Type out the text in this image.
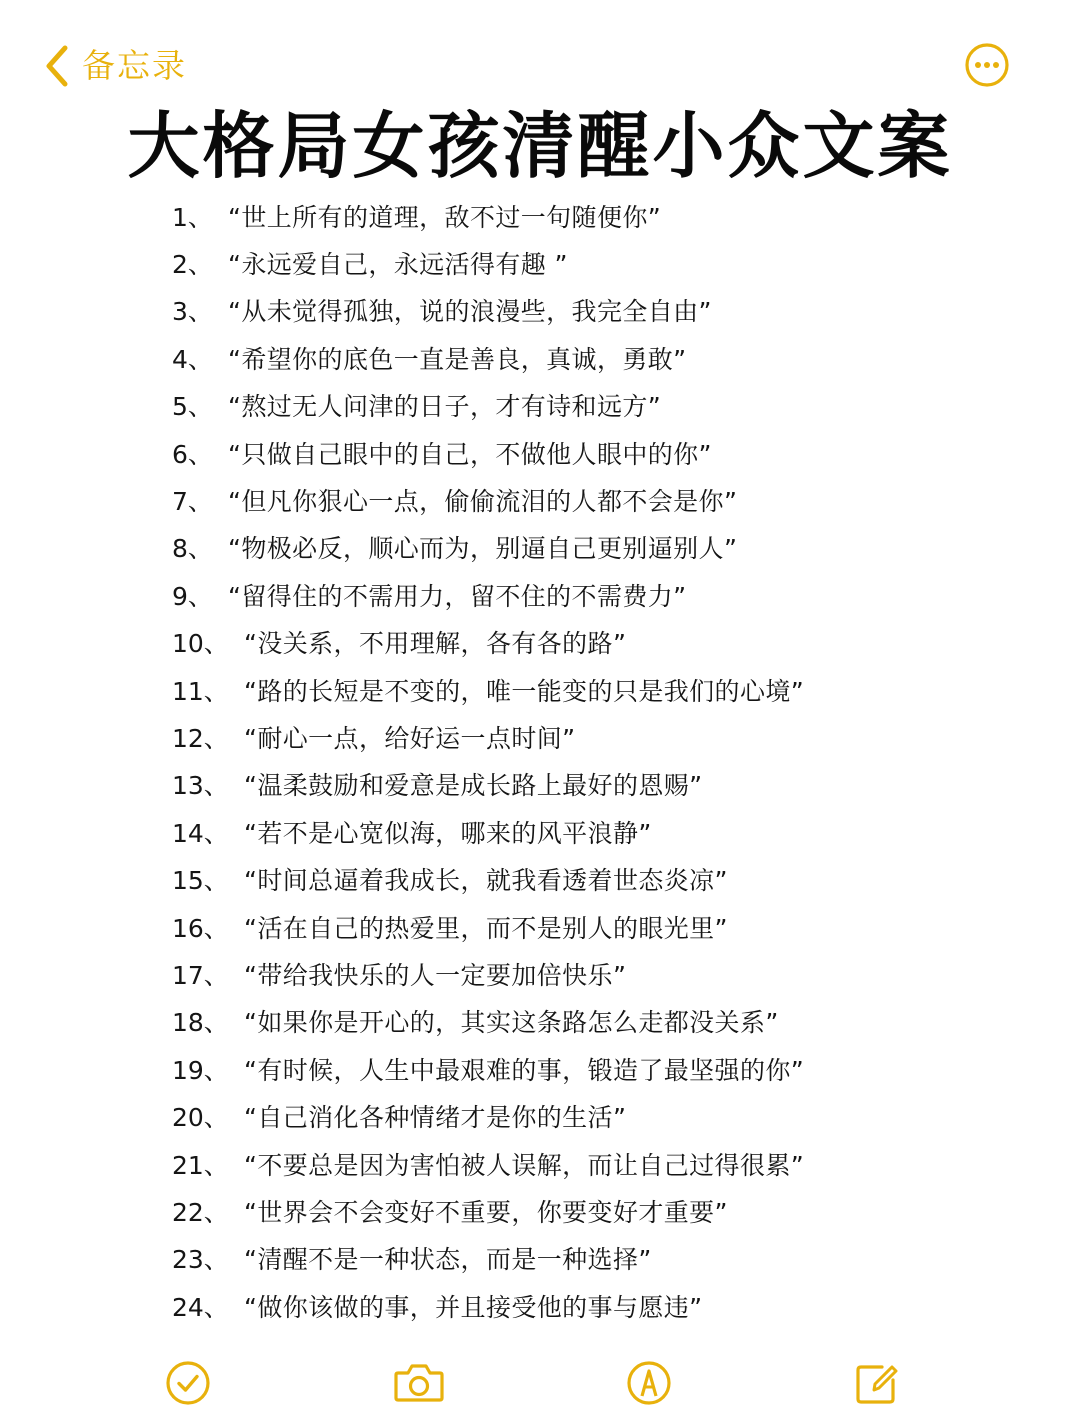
备忘录
大格局女孩清醒小众文案
1、 “世上所有的道理，敌不过一句随便你”
2、 “永远爱自己，永远活得有趣 ”
3、 “从未觉得孤独，说的浪漫些，我完全自由”
4、 “希望你的底色一直是善良，真诚，勇敢”
5、 “熬过无人问津的日子，才有诗和远方”
6、 “只做自己眼中的自己，不做他人眼中的你”
7、 “但凡你狠心一点，偷偷流泪的人都不会是你”
8、 “物极必反，顺心而为，别逼自己更别逼别人”
9、 “留得住的不需用力，留不住的不需费力”
10、 “没关系，不用理解，各有各的路”
11、 “路的长短是不变的，唯一能变的只是我们的心境”
12、 “耐心一点，给好运一点时间”
13、 “温柔鼓励和爱意是成长路上最好的恩赐”
14、 “若不是心宽似海，哪来的风平浪静”
15、 “时间总逼着我成长，就我看透着世态炎凉”
16、 “活在自己的热爱里，而不是别人的眼光里”
17、 “带给我快乐的人一定要加倍快乐”
18、 “如果你是开心的，其实这条路怎么走都没关系”
19、 “有时候，人生中最艰难的事，锻造了最坚强的你”
20、 “自己消化各种情绪才是你的生活”
21、 “不要总是因为害怕被人误解，而让自己过得很累”
22、 “世界会不会变好不重要，你要变好才重要”
23、 “清醒不是一种状态，而是一种选择”
24、 “做你该做的事，并且接受他的事与愿违”
